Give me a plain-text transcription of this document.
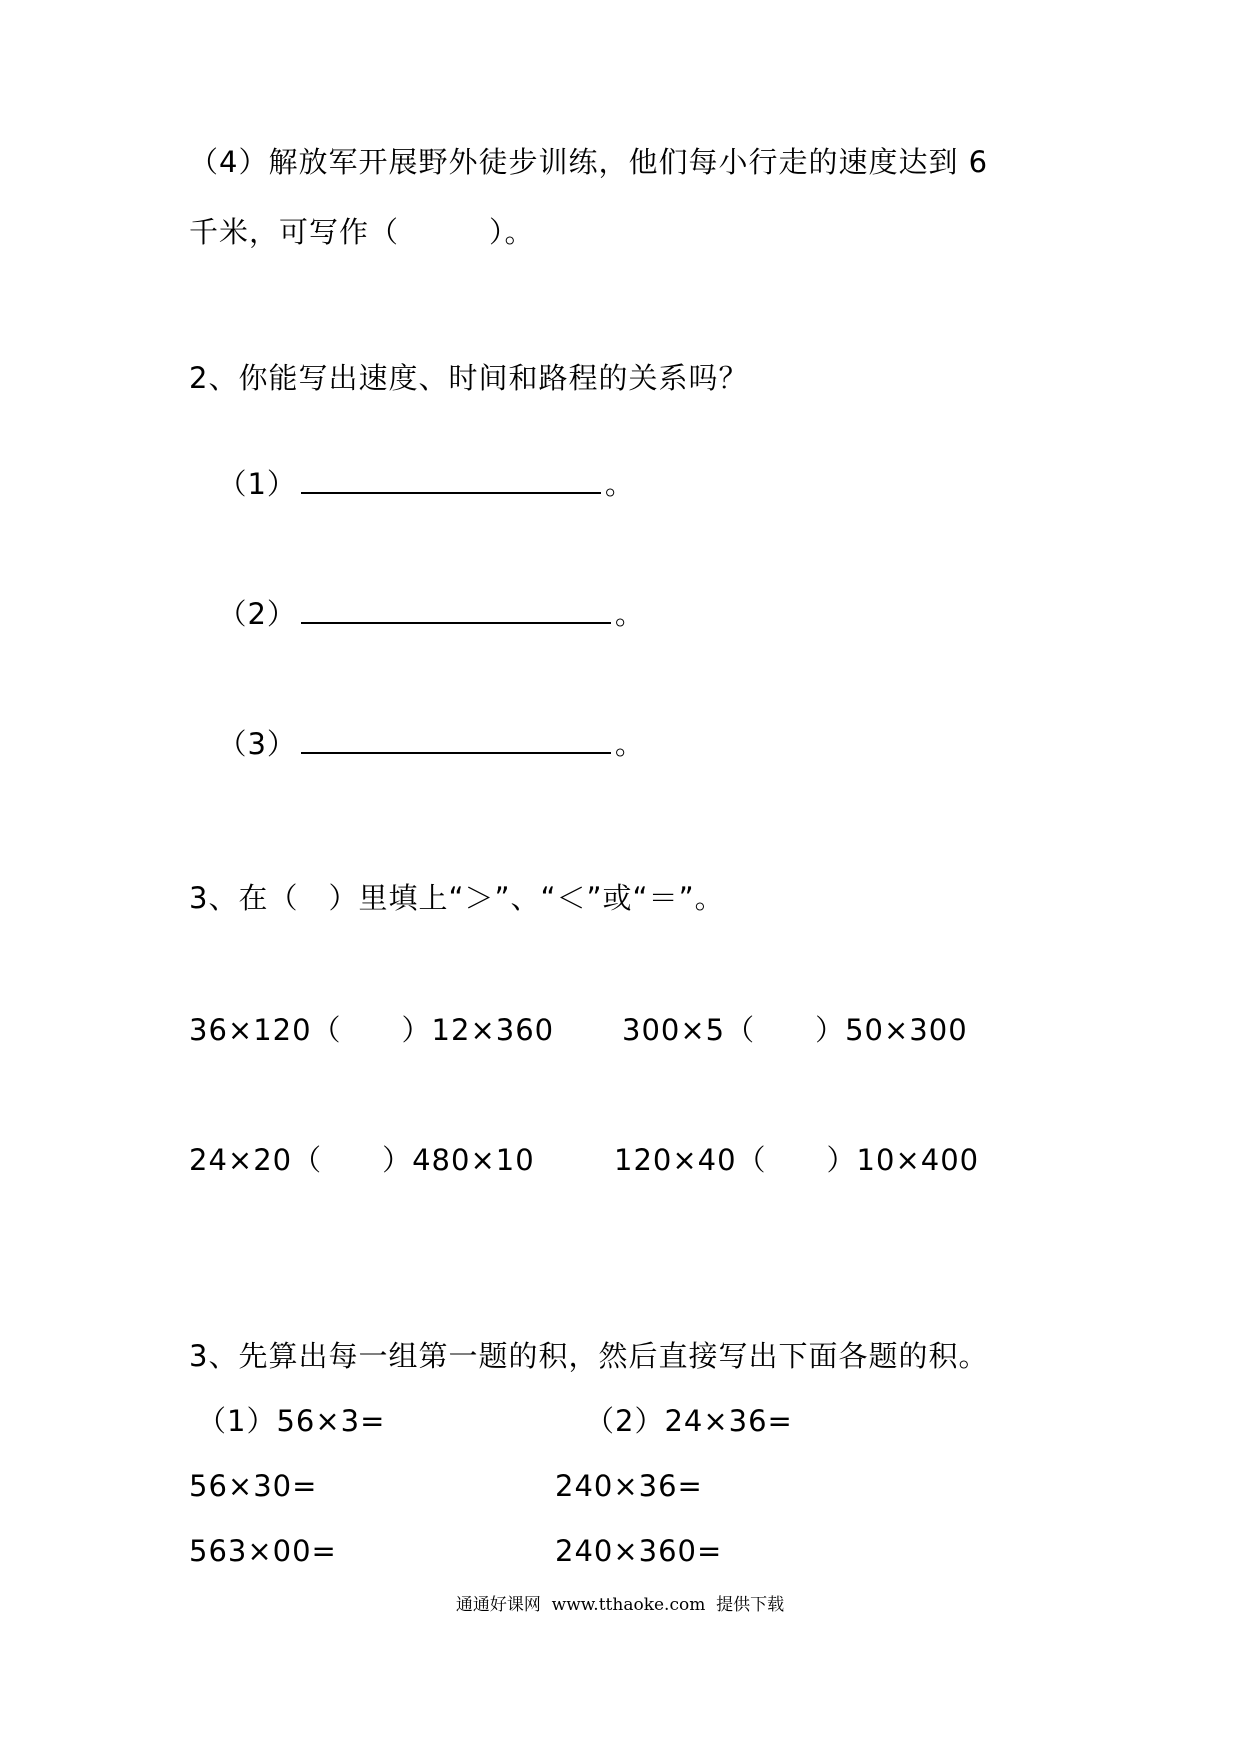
（4）解放军开展野外徒步训练，他们每小行走的速度达到 6
千米，可写作（　　　）。
2、你能写出速度、时间和路程的关系吗？

（1）	。

（2）	。

（3）	。

3、在（　）里填上“＞”、“＜”或“＝”。
36×120（　　）12×360 300×5（　　）50×300
24×20（　　）480×10	120×40（　　）10×400
3、先算出每一组第一题的积，然后直接写出下面各题的积。
（1）56×3=	（2）24×36=
56×30=	240×36=
563×00=	240×360=
通通好课网  www.tthaoke.com  提供下载
